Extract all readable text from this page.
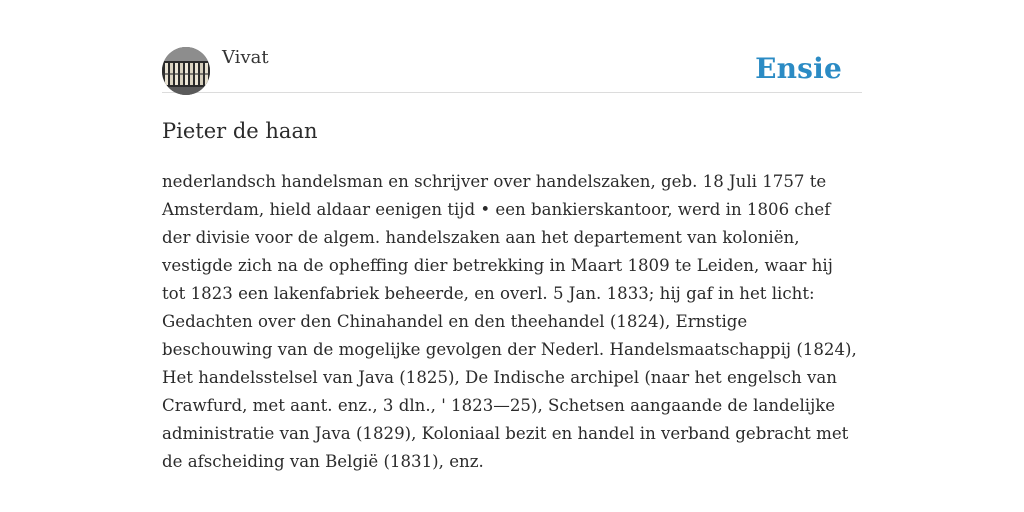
Vivat	Ensie
Pieter de haan

nederlandsch handelsman en schrijver over handelszaken, geb. 18 Juli 1757 te
Amsterdam, hield aldaar eenigen tijd • een bankierskantoor, werd in 1806 chef
der divisie voor de algem. handelszaken aan het departement van koloniën,
vestigde zich na de opheffing dier betrekking in Maart 1809 te Leiden, waar hij
tot 1823 een lakenfabriek beheerde, en overl. 5 Jan. 1833; hij gaf in het licht:
Gedachten over den Chinahandel en den theehandel (1824), Ernstige
beschouwing van de mogelijke gevolgen der Nederl. Handelsmaatschappij (1824),
Het handelsstelsel van Java (1825), De Indische archipel (naar het engelsch van
Crawfurd, met aant. enz., 3 dln., ' 1823—25), Schetsen aangaande de landelijke
administratie van Java (1829), Koloniaal bezit en handel in verband gebracht met
de afscheiding van België (1831), enz.
